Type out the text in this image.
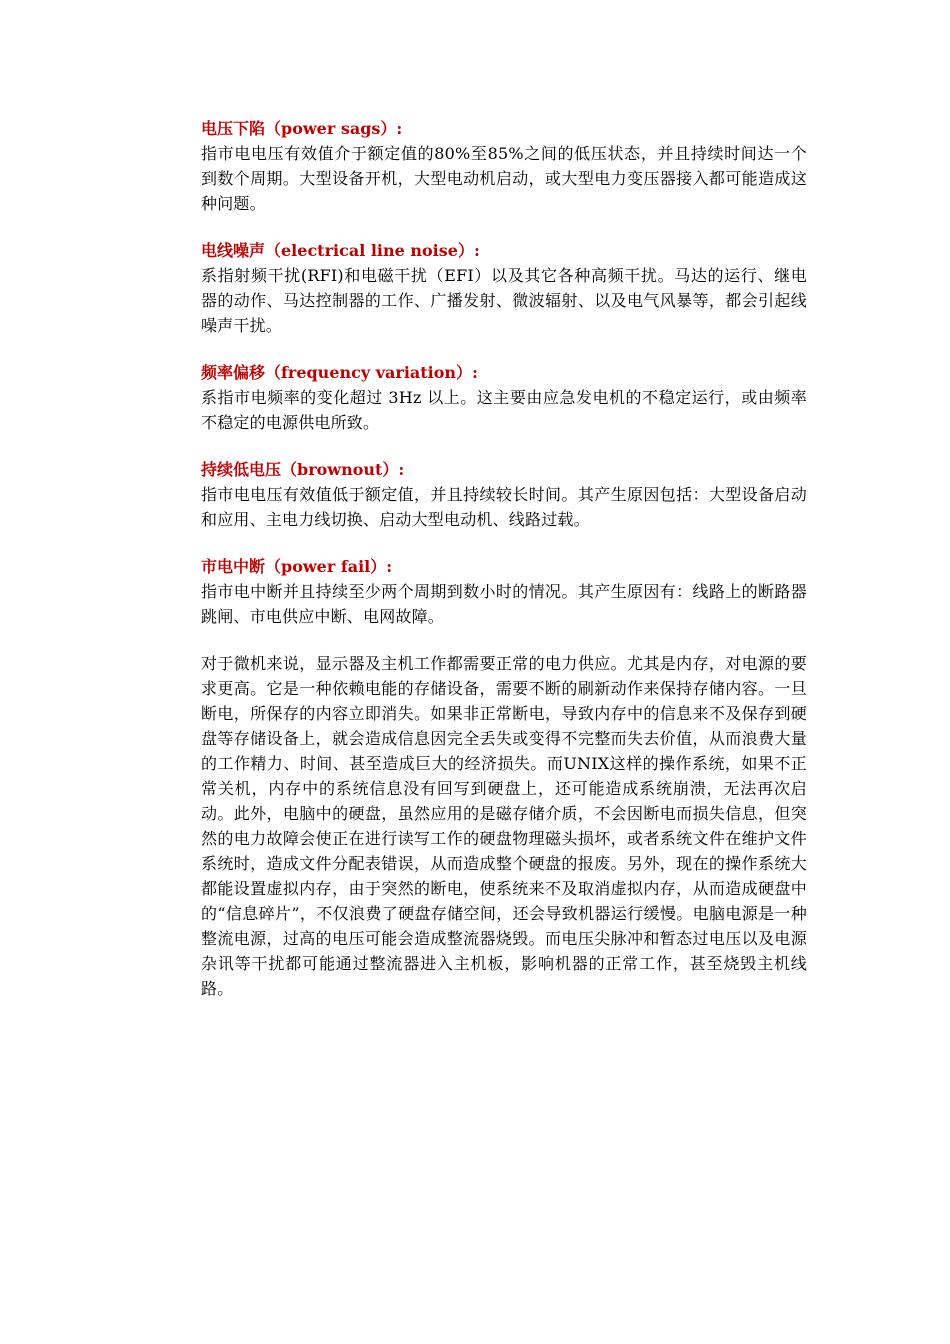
电压下陷（power sags）:
指市电电压有效值介于额定值的80%至85%之间的低压状态，并且持续时间达一个到数个周期。大型设备开机，大型电动机启动，或大型电力变压器接入都可能造成这种问题。
电线噪声（electrical line noise）:
系指射频干扰(RFI)和电磁干扰（EFI）以及其它各种高频干扰。马达的运行、继电器的动作、马达控制器的工作、广播发射、微波辐射、以及电气风暴等，都会引起线噪声干扰。
频率偏移（frequency variation）:
系指市电频率的变化超过 3Hz 以上。这主要由应急发电机的不稳定运行，或由频率不稳定的电源供电所致。
持续低电压（brownout）:
指市电电压有效值低于额定值，并且持续较长时间。其产生原因包括：大型设备启动和应用、主电力线切换、启动大型电动机、线路过载。
市电中断（power fail）:
指市电中断并且持续至少两个周期到数小时的情况。其产生原因有：线路上的断路器跳闸、市电供应中断、电网故障。
对于微机来说，显示器及主机工作都需要正常的电力供应。尤其是内存，对电源的要求更高。它是一种依赖电能的存储设备，需要不断的刷新动作来保持存储内容。一旦断电，所保存的内容立即消失。如果非正常断电，导致内存中的信息来不及保存到硬盘等存储设备上，就会造成信息因完全丢失或变得不完整而失去价值，从而浪费大量的工作精力、时间、甚至造成巨大的经济损失。而UNIX这样的操作系统，如果不正常关机，内存中的系统信息没有回写到硬盘上，还可能造成系统崩溃，无法再次启动。此外，电脑中的硬盘，虽然应用的是磁存储介质，不会因断电而损失信息，但突然的电力故障会使正在进行读写工作的硬盘物理磁头损坏，或者系统文件在维护文件系统时，造成文件分配表错误，从而造成整个硬盘的报废。另外，现在的操作系统大都能设置虚拟内存，由于突然的断电，使系统来不及取消虚拟内存，从而造成硬盘中的“信息碎片”，不仅浪费了硬盘存储空间，还会导致机器运行缓慢。电脑电源是一种整流电源，过高的电压可能会造成整流器烧毁。而电压尖脉冲和暂态过电压以及电源杂讯等干扰都可能通过整流器进入主机板，影响机器的正常工作，甚至烧毁主机线路。
